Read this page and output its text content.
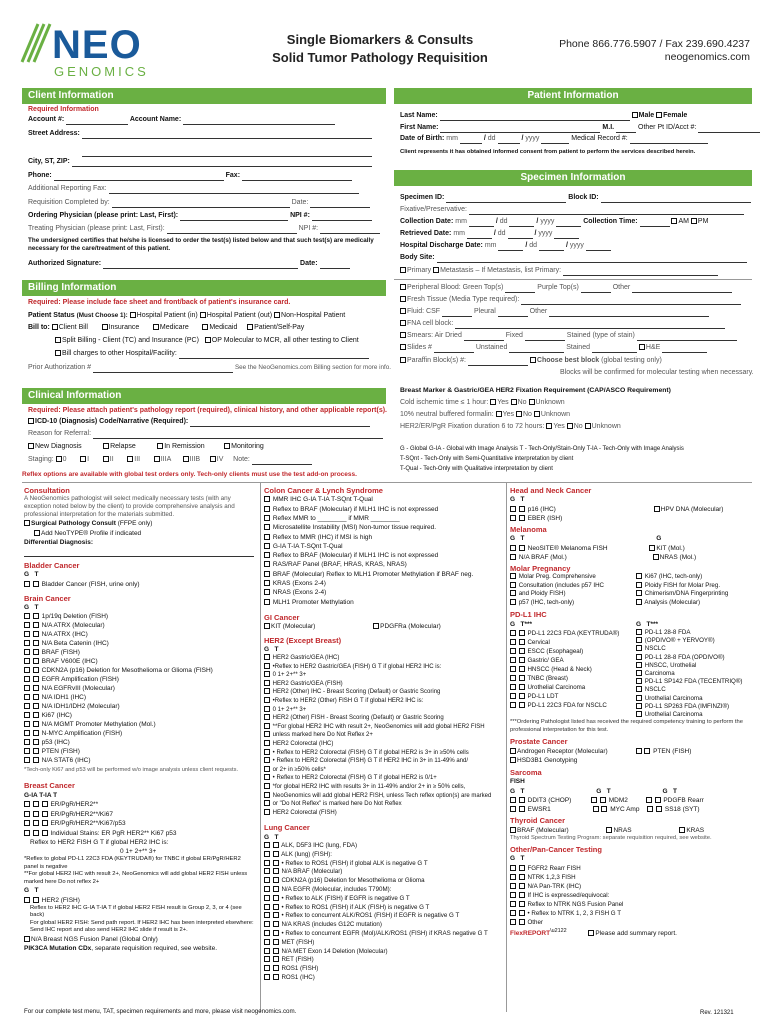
NEO
GENOMICS
Single Biomarkers & Consults
Solid Tumor Pathology Requisition
Phone 866.776.5907 / Fax 239.690.4237
neogenomics.com
Client Information
Required Information
Account #:	Account Name:
Street Address:
City, ST, ZIP:
Phone:	Fax:
Additional Reporting Fax:
Requisition Completed by:	Date:
Ordering Physician (please print: Last, First):	NPI #:
Treating Physician (please print: Last, First):	NPI #:
The undersigned certifies that he/she is licensed to order the test(s) listed below and that such test(s) are medically necessary for the care/treatment of this patient.
Authorized Signature:	Date:
Patient Information
Last Name:	Male Female
First Name:	M.I.	Other Pt ID/Acct #:
Date of Birth: mm	/ dd	/ yyyy	Medical Record #:
Client represents it has obtained informed consent from patient to perform the services described herein.
Specimen Information
Specimen ID:	Block ID:
Fixative/Preservative:
Collection Date: mm	/ dd	/ yyyy	Collection Time:	AM PM
Retrieved Date: mm	/ dd	/ yyyy
Hospital Discharge Date: mm	/ dd	/ yyyy
Body Site:
Primary Metastasis – If Metastasis, list Primary:
Peripheral Blood: Green Top(s)	Purple Top(s)	Other
Fresh Tissue (Media Type required):
Fluid: CSF	Pleural	Other
FNA cell block:
Smears: Air Dried	Fixed	Stained (type of stain)
Slides #	Unstained	Stained	H&E
Paraffin Block(s) #:	Choose best block (global testing only)
Blocks will be confirmed for molecular testing when necessary.
Billing Information
Required: Please include face sheet and front/back of patient's insurance card.
Patient Status (Must Choose 1): Hospital Patient (in) Hospital Patient (out) Non-Hospital Patient
Bill to: Client Bill	Insurance	Medicare	Medicaid Patient/Self-Pay
Split Billing - Client (TC) and Insurance (PC) OP Molecular to MCR, all other testing to Client
Bill charges to other Hospital/Facility:
Prior Authorization #	See the NeoGenomics.com Billing section for more info.
Clinical Information
Required: Please attach patient's pathology report (required), clinical history, and other applicable report(s).
ICD-10 (Diagnosis) Code/Narrative (Required):
Reason for Referral:
New Diagnosis	Relapse	In Remission	Monitoring
Staging: 0	I	II	III	IIIA	IIIB IV Note:
Reflex options are available with global test orders only. Tech-only clients must use the test add-on process.
Breast Marker & Gastric/GEA HER2 Fixation Requirement (CAP/ASCO Requirement)
Cold ischemic time ≤ 1 hour: Yes No Unknown
10% neutral buffered formalin: Yes No Unknown
HER2/ER/PgR Fixation duration 6 to 72 hours: Yes No Unknown
G - Global G-IA - Global with Image Analysis T - Tech-Only/Stain-Only T-IA - Tech-Only with Image Analysis
T-SQnt - Tech-Only with Semi-Quantitative interpretation by client
T-Qual - Tech-Only with Qualitative interpretation by client
Consultation
A NeoGenomics pathologist will select medically necessary tests (with any exception noted below by the client) to provide comprehensive analysis and professional interpretation for the materials submitted.
Surgical Pathology Consult (FFPE only)
Add NeoTYPE® Profile if indicated
Differential Diagnosis:
Bladder Cancer
G   T
Bladder Cancer (FISH, urine only)
Brain Cancer
G   T
1p/19q Deletion (FISH)
N/A ATRX (Molecular)
N/A ATRX (IHC)
N/A Beta Catenin (IHC)
BRAF (FISH)
BRAF V600E (IHC)
CDKN2A (p16) Deletion for Mesothelioma or Glioma (FISH)
EGFR Amplification (FISH)
N/A EGFRvIII (Molecular)
N/A IDH1 (IHC)
N/A IDH1/IDH2 (Molecular)
Ki67 (IHC)
N/A MGMT Promoter Methylation (Mol.)
N-MYC Amplification (FISH)
p53 (IHC)
PTEN (FISH)
N/A STAT6 (IHC)
*Tech-only Ki67 and p53 will be performed w/o image analysis unless client requests.
Breast Cancer
G-IA T-IA T
ER/PgR/HER2**
ER/PgR/HER2**/Ki67
ER/PgR/HER2**/Ki67/p53
Individual Stains: ER PgR HER2** Ki67 p53
Reflex to HER2 FISH G T if global HER2 IHC is:
0 1+ 2+** 3+
*Reflex to global PD-L1 22C3 FDA (KEYTRUDA®) for TNBC if global ER/PgR/HER2 panel is negative
**For global HER2 IHC with result 2+, NeoGenomics will add global HER2 FISH unless marked here Do not reflex 2+
G   T
HER2 (FISH)
Reflex to HER2 IHC G-IA T-IA T if global HER2 FISH result is Group 2, 3, or 4 (see back)
For global HER2 FISH: Send path report. If HER2 IHC has been interpreted elsewhere: Send IHC report and also send HER2 IHC slide if result is 2+.
N/A Breast NGS Fusion Panel (Global Only)
PIK3CA Mutation CDx, separate requisition required, see website.
For our complete test menu, TAT, specimen requirements and more, please visit neogenomics.com.
Colon Cancer & Lynch Syndrome
MMR IHC G-IA T-IA T-SQnt T-Qual
Reflex to BRAF (Molecular) if MLH1 IHC is not expressed
Reflex MMR to ________ if MMR ________
Microsatellite Instability (MSI) Non-tumor tissue required.
Reflex to MMR (IHC) if MSI is high
G-IA T-IA T-SQnt T-Qual
Reflex to BRAF (Molecular) if MLH1 IHC is not expressed
RAS/RAF Panel (BRAF, HRAS, KRAS, NRAS)
BRAF (Molecular) Reflex to MLH1 Promoter Methylation if BRAF neg.
KRAS (Exons 2-4)
NRAS (Exons 2-4)
MLH1 Promoter Methylation
GI Cancer
KIT (Molecular)	PDGFRa (Molecular)
HER2 (Except Breast)
G   T
HER2 Gastric/GEA (IHC)
•Reflex to HER2 Gastric/GEA (FISH) G T if global HER2 IHC is:
0 1+ 2+** 3+
HER2 Gastric/GEA (FISH)
HER2 (Other) IHC - Breast Scoring (Default) or Gastric Scoring
•Reflex to HER2 (Other) FISH G T if global HER2 IHC is:
0 1+ 2+** 3+
HER2 (Other) FISH - Breast Scoring (Default) or Gastric Scoring
**For global HER2 IHC with result 2+, NeoGenomics will add global HER2 FISH
unless marked here Do Not Reflex 2+
HER2 Colorectal (IHC)
• Reflex to HER2 Colorectal (FISH) G T if global HER2 is 3+ in ≥50% cells
• Reflex to HER2 Colorectal (FISH) G T if HER2 IHC in 3+ in 11-49% and/
or 2+ in ≥50% cells*
• Reflex to HER2 Colorectal (FISH) G T if global HER2 is 0/1+
*for global HER2 IHC with results 3+ in 11-49% and/or 2+ in ≥ 50% cells,
NeoGenomics will add global HER2 FISH, unless Tech reflex option(s) are marked
or "Do Not Reflex" is marked here Do Not Reflex
HER2 Colorectal (FISH)
Lung Cancer
G   T
ALK, D5F3 IHC (lung, FDA)
ALK (lung) (FISH):
• Reflex to ROS1 (FISH) if global ALK is negative G T
N/A BRAF (Molecular)
CDKN2A (p16) Deletion for Mesothelioma or Glioma
N/A EGFR (Molecular, includes T790M):
• Reflex to ALK (FISH) if EGFR is negative G T
• Reflex to ROS1 (FISH) if ALK (FISH) is negative G T
• Reflex to concurrent ALK/ROS1 (FISH) if EGFR is negative G T
N/A KRAS (includes G12C mutation)
• Reflex to concurrent EGFR (Mol)/ALK/ROS1 (FISH) if KRAS negative G T
MET (FISH)
N/A MET Exon 14 Deletion (Molecular)
RET (FISH)
ROS1 (FISH)
ROS1 (IHC)
Head and Neck Cancer
G   T
p16 (IHC)	HPV DNA (Molecular)
EBER (ISH)
Melanoma
G   T	G
NeoSITE® Melanoma FISH	KIT (Mol.)
N/A BRAF (Mol.)	NRAS (Mol.)
Molar Pregnancy
Molar Preg. Comprehensive
Consultation (includes p57 IHC
and Ploidy FISH)
p57 (IHC, tech-only)
Ki67 (IHC, tech-only)
Ploidy FISH for Molar Preg.
Chimerism/DNA Fingerprinting
Analysis (Molecular)
PD-L1 IHC
G   T***
PD-L1 22C3 FDA (KEYTRUDA®)
Cervical
ESCC (Esophageal)
Gastric/ GEA
HNSCC (Head & Neck)
TNBC (Breast)
Urothelial Carcinoma
PD-L1 LDT
PD-L1 22C3 FDA for NSCLC
G   T***
PD-L1 28-8 FDA
(OPDIVO® + YERVOY®)
NSCLC
PD-L1 28-8 FDA (OPDIVO®)
HNSCC, Urothelial
Carcinoma
PD-L1 SP142 FDA (TECENTRIQ®)
NSCLC
Urothelial Carcinoma
PD-L1 SP263 FDA (IMFINZI®)
Urothelial Carcinoma
***Ordering Pathologist listed has received the required competency training to perform the professional interpretation for this test.
Prostate Cancer
Androgen Receptor (Molecular)	PTEN (FISH)
HSD3B1 Genotyping
Sarcoma
FISH
G   T	G   T	G   T
DDIT3 (CHOP)	MDM2	PDGFB Rearr
EWSR1	MYC Amp	SS18 (SYT)
Thyroid Cancer
BRAF (Molecular)	NRAS	KRAS
Thyroid Spectrum Testing Program: separate requisition required, see website.
Other/Pan-Cancer Testing
G   T
FGFR2 Rearr FISH
NTRK 1,2,3 FISH
N/A Pan-TRK (IHC)
If IHC is expressed/equivocal:
Reflex to NTRK NGS Fusion Panel
• Reflex to NTRK 1, 2, 3 FISH G T
Other
FlexREPORT$^{\backslash u2122}$	Please add summary report.
Rev. 121321
